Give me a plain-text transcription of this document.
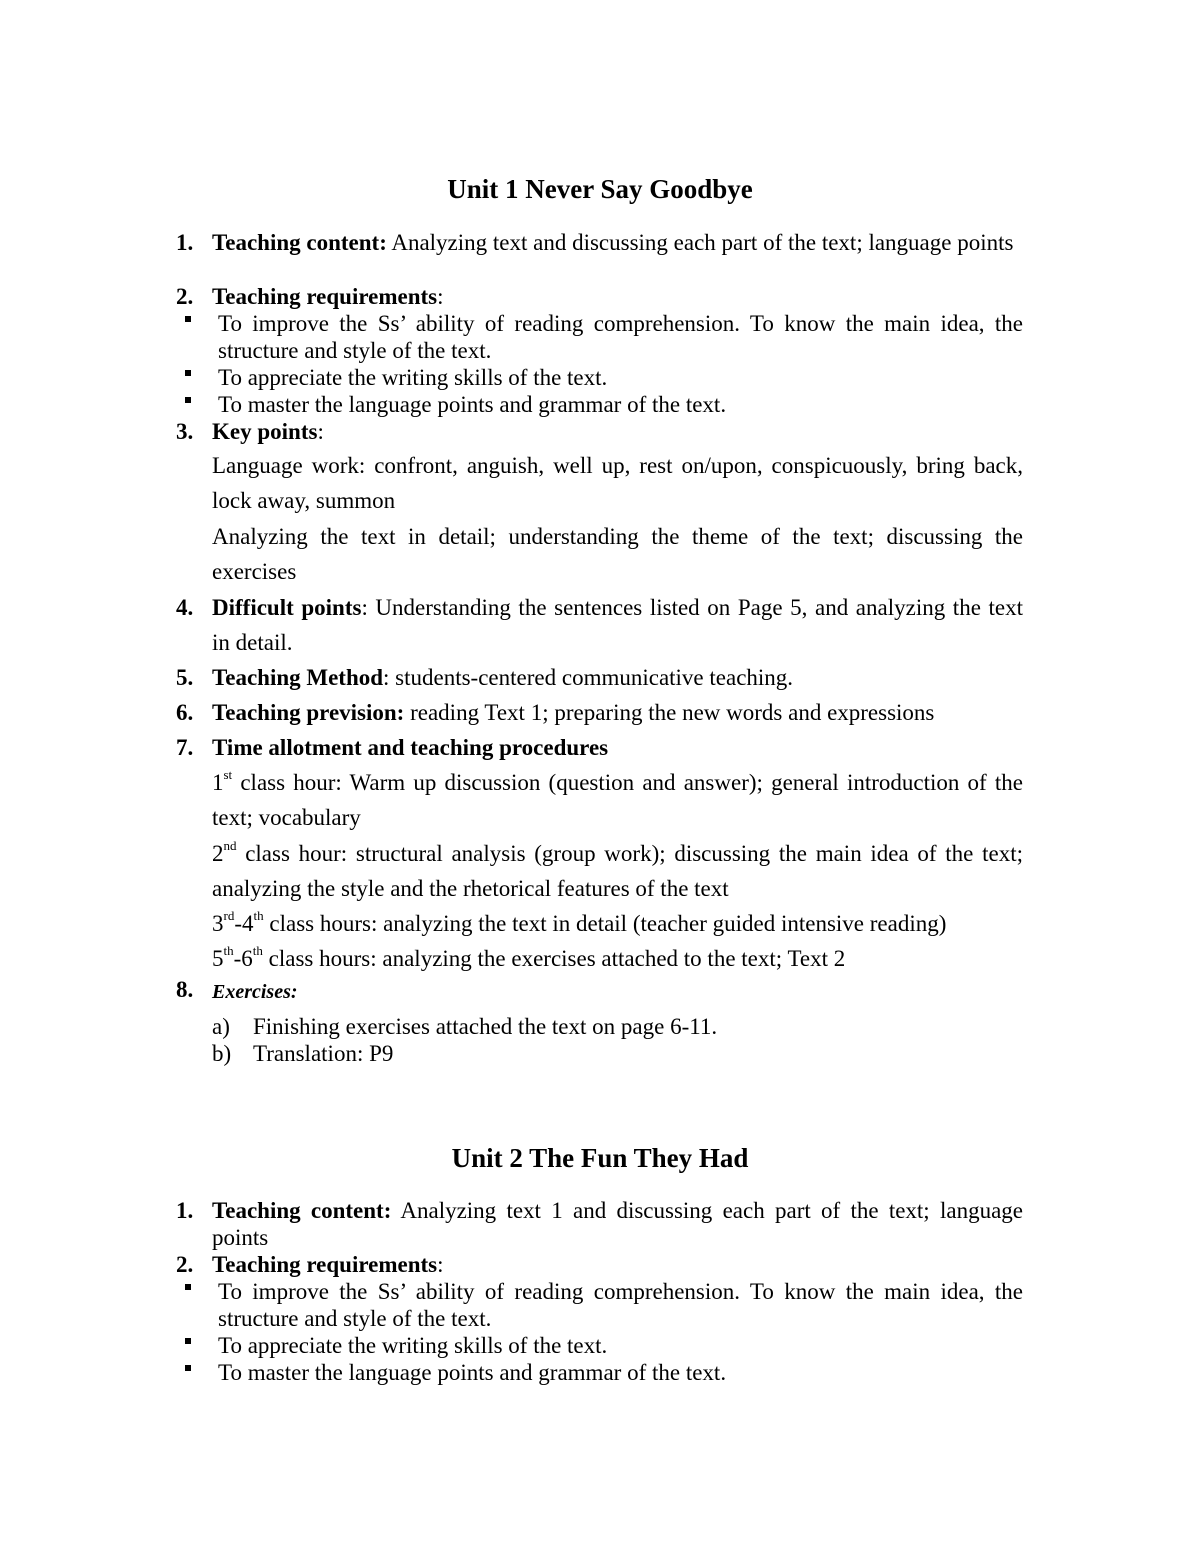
Unit 1 Never Say Goodbye
1. Teaching content: Analyzing text and discussing each part of the text; language points

2. Teaching requirements:

To improve the Ss’ ability of reading comprehension. To know the main idea, the structure and style of the text.

To appreciate the writing skills of the text.

To master the language points and grammar of the text.

3. Key points:

Language work: confront, anguish, well up, rest on/upon, conspicuously, bring back, lock away, summon

Analyzing the text in detail; understanding the theme of the text; discussing the exercises

4. Difficult points: Understanding the sentences listed on Page 5, and analyzing the text in detail.

5. Teaching Method: students-centered communicative teaching.

6. Teaching prevision: reading Text 1; preparing the new words and expressions

7. Time allotment and teaching procedures

1st class hour: Warm up discussion (question and answer); general introduction of the text; vocabulary

2nd class hour: structural analysis (group work); discussing the main idea of the text; analyzing the style and the rhetorical features of the text

3rd-4th class hours: analyzing the text in detail (teacher guided intensive reading)

5th-6th class hours: analyzing the exercises attached to the text; Text 2

8. Exercises:

a) Finishing exercises attached the text on page 6-11.
b) Translation: P9
Unit 2 The Fun They Had
1. Teaching content: Analyzing text 1 and discussing each part of the text; language points

2. Teaching requirements:

To improve the Ss’ ability of reading comprehension. To know the main idea, the structure and style of the text.

To appreciate the writing skills of the text.

To master the language points and grammar of the text.
